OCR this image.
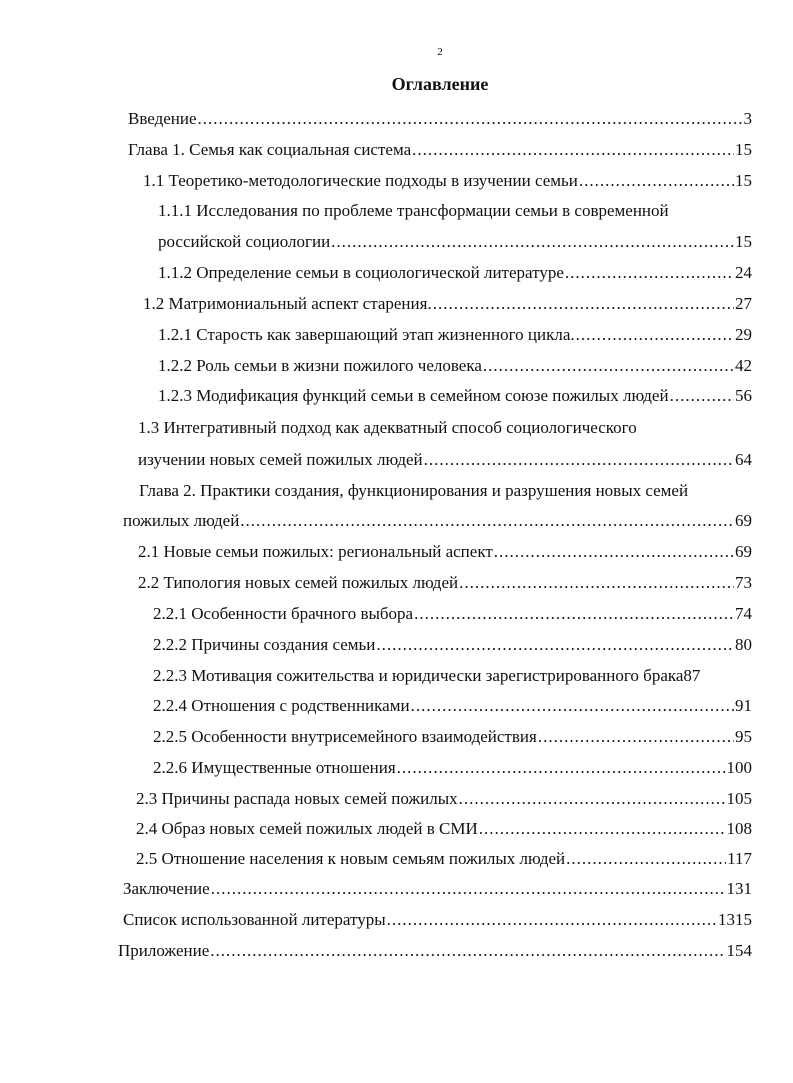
2
Оглавление
Введение .....	3
Глава 1. Семья как социальная система .....	15
1.1 Теоретико-методологические подходы в изучении семьи .....	15
1.1.1 Исследования по проблеме трансформации семьи в современной
российской социологии .....	15
1.1.2 Определение семьи в социологической литературе .....	24
1.2 Матримониальный аспект старения. .....	27
1.2.1 Старость как завершающий этап жизненного цикла. .....	29
1.2.2 Роль семьи в жизни пожилого человека .....	42
1.2.3 Модификация функций семьи в семейном союзе пожилых людей .....	56
1.3 Интегративный подход как адекватный способ социологического
изучении новых семей пожилых людей .....	64
Глава 2. Практики создания, функционирования и разрушения новых семей
пожилых людей .....	69
2.1 Новые семьи пожилых: региональный аспект .....	69
2.2 Типология новых семей пожилых людей .....	73
2.2.1 Особенности брачного выбора .....	74
2.2.2 Причины создания семьи .....	80
2.2.3 Мотивация сожительства и юридически зарегистрированного брака 87
2.2.4 Отношения с родственниками .....	91
2.2.5 Особенности внутрисемейного взаимодействия .....	95
2.2.6 Имущественные отношения .....	100
2.3 Причины распада новых семей пожилых .....	105
2.4 Образ новых семей пожилых людей в СМИ .....	108
2.5 Отношение населения к новым семьям пожилых людей .....	117
Заключение .....	131
Список использованной литературы .....	1315
Приложение .....	154
